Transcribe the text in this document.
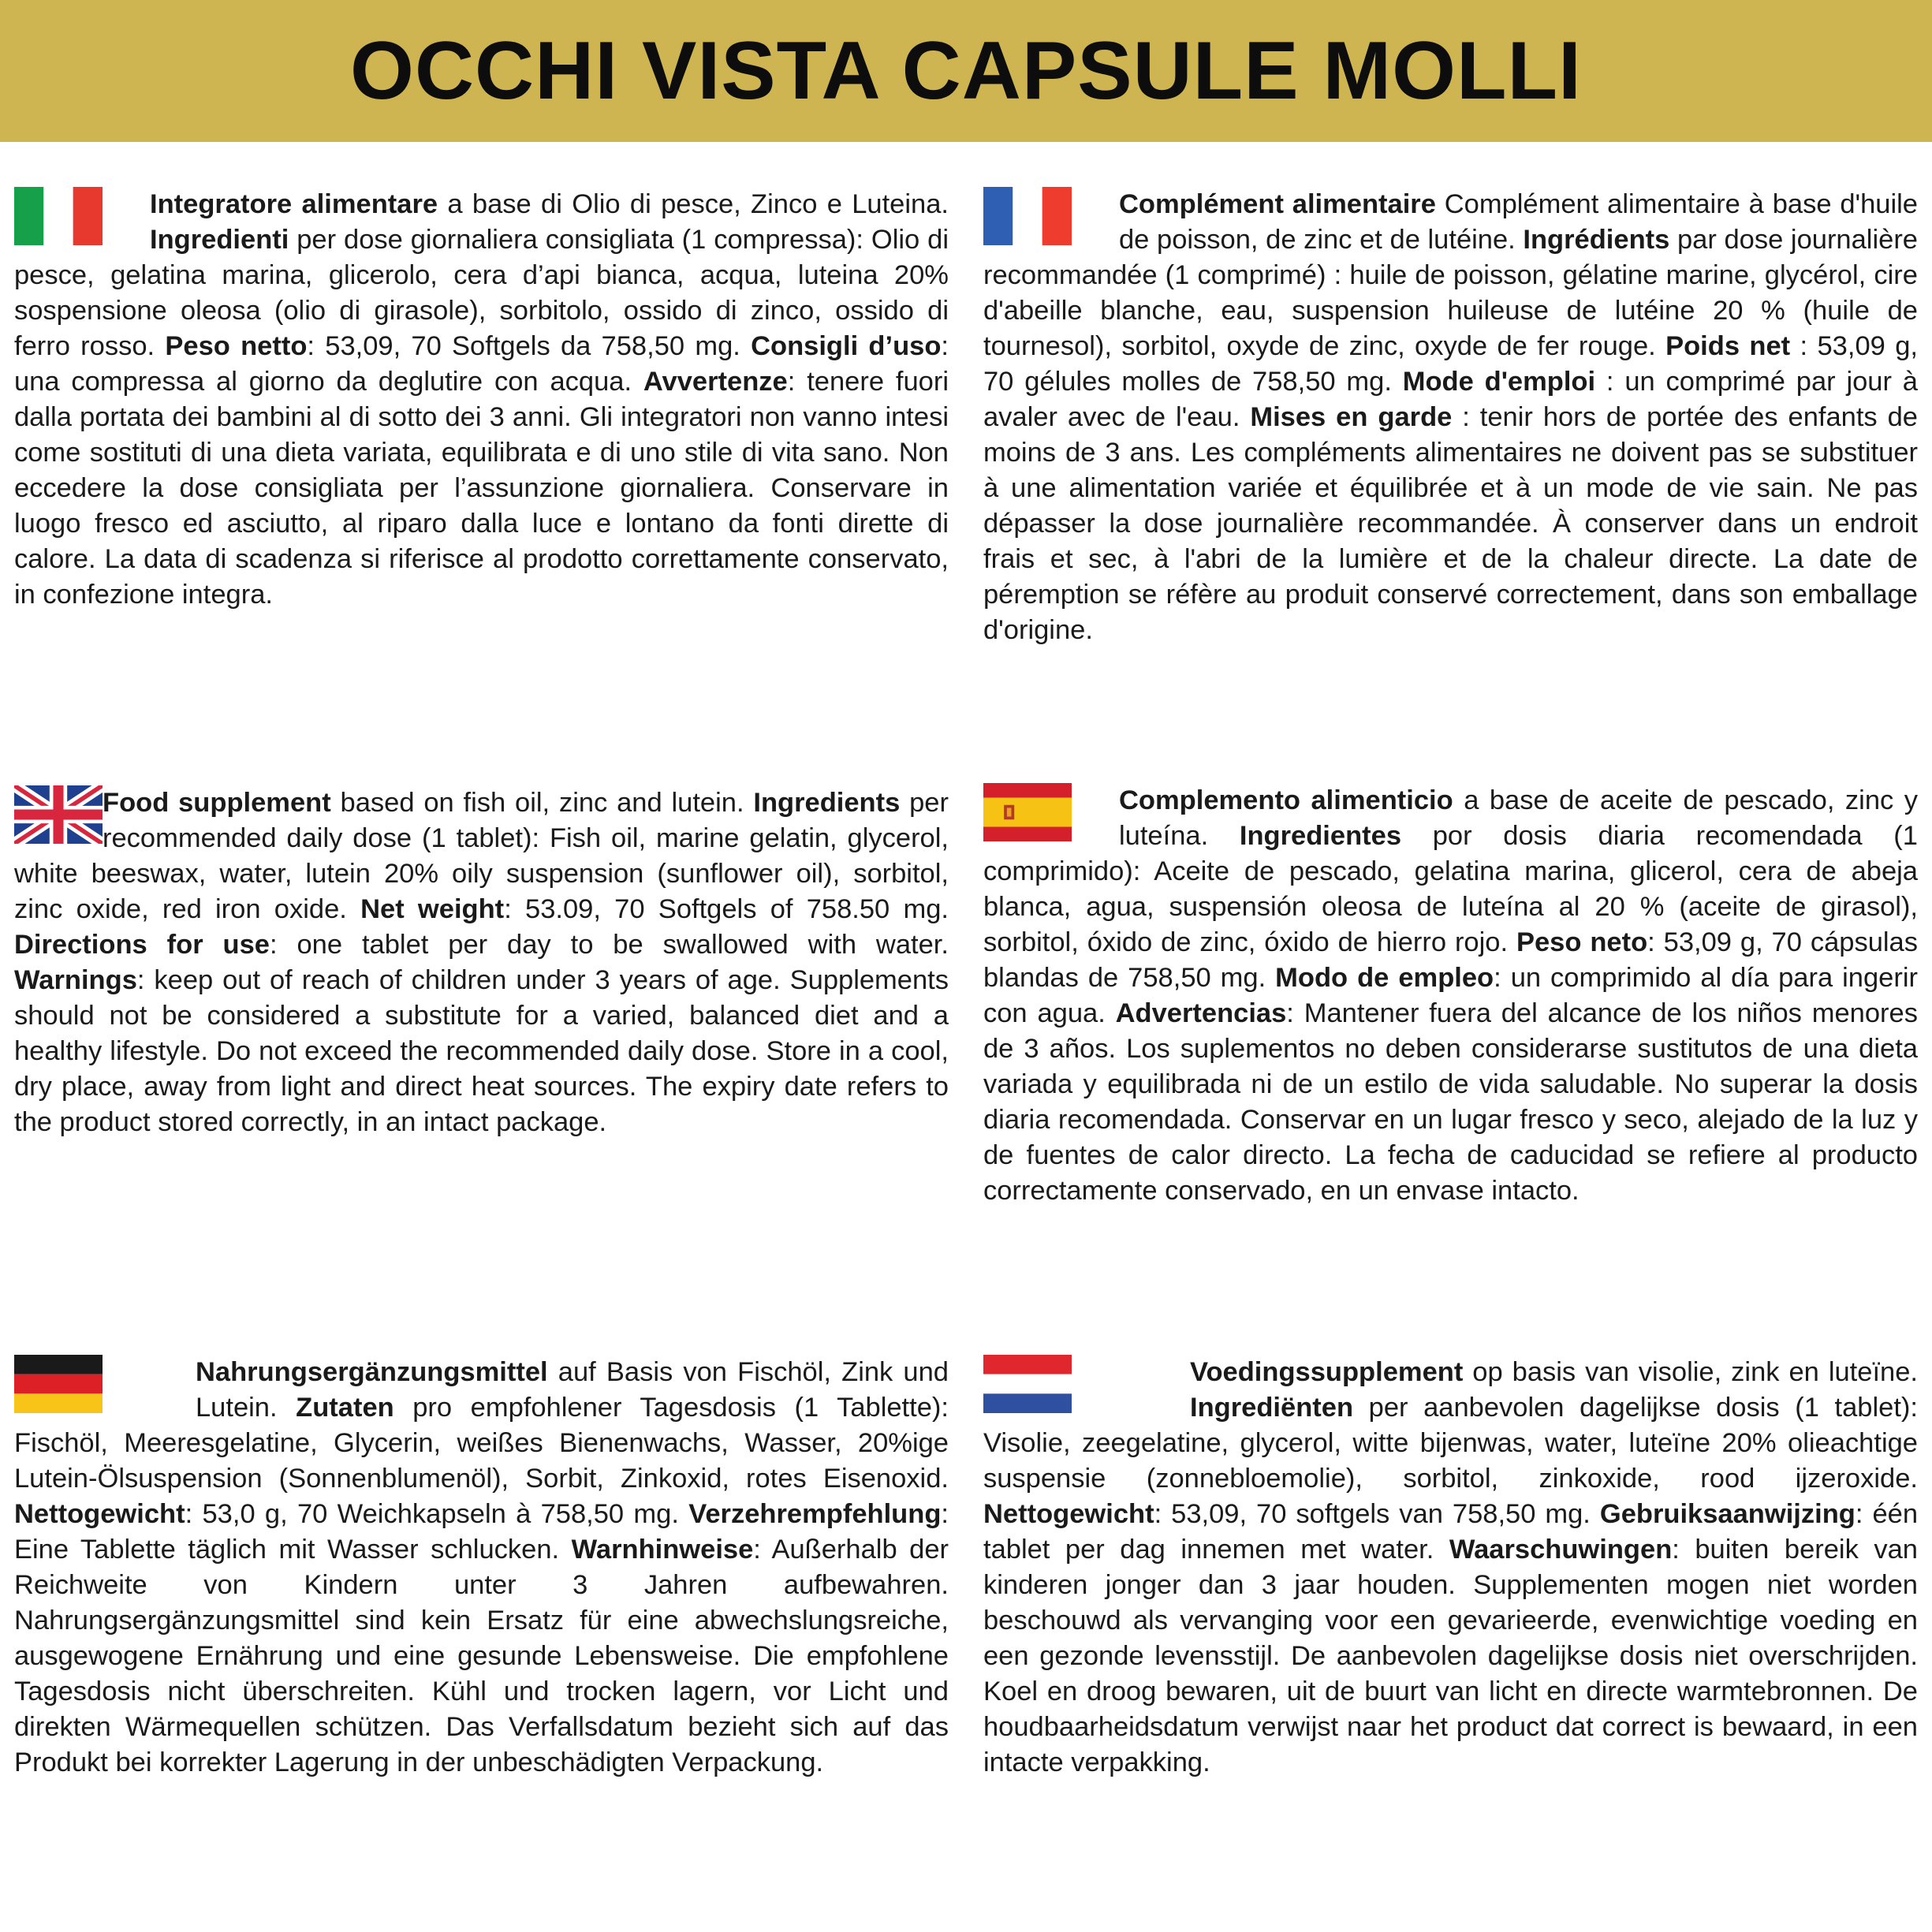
OCCHI VISTA CAPSULE MOLLI

Integratore alimentare a base di Olio di pesce, Zinco e Luteina. Ingredienti per dose giornaliera consigliata (1 compressa): Olio di pesce, gelatina marina, glicerolo, cera d’api bianca, acqua, luteina 20% sospensione oleosa (olio di girasole), sorbitolo, ossido di zinco, ossido di ferro rosso. Peso netto: 53,09, 70 Softgels da 758,50 mg. Consigli d’uso: una compressa al giorno da deglutire con acqua. Avvertenze: tenere fuori dalla portata dei bambini al di sotto dei 3 anni. Gli integratori non vanno intesi come sostituti di una dieta variata, equilibrata e di uno stile di vita sano. Non eccedere la dose consigliata per l’assunzione giornaliera. Conservare in luogo fresco ed asciutto, al riparo dalla luce e lontano da fonti dirette di calore. La data di scadenza si riferisce al prodotto correttamente conservato, in confezione integra.

Complément alimentaire Complément alimentaire à base d'huile de poisson, de zinc et de lutéine. Ingrédients par dose journalière recommandée (1 comprimé) : huile de poisson, gélatine marine, glycérol, cire d'abeille blanche, eau, suspension huileuse de lutéine 20 % (huile de tournesol), sorbitol, oxyde de zinc, oxyde de fer rouge. Poids net : 53,09 g, 70 gélules molles de 758,50 mg. Mode d'emploi : un comprimé par jour à avaler avec de l'eau. Mises en garde : tenir hors de portée des enfants de moins de 3 ans. Les compléments alimentaires ne doivent pas se substituer à une alimentation variée et équilibrée et à un mode de vie sain. Ne pas dépasser la dose journalière recommandée. À conserver dans un endroit frais et sec, à l'abri de la lumière et de la chaleur directe. La date de péremption se réfère au produit conservé correctement, dans son emballage d'origine.

Food supplement based on fish oil, zinc and lutein. Ingredients per recommended daily dose (1 tablet): Fish oil, marine gelatin, glycerol, white beeswax, water, lutein 20% oily suspension (sunflower oil), sorbitol, zinc oxide, red iron oxide. Net weight: 53.09, 70 Softgels of 758.50 mg. Directions for use: one tablet per day to be swallowed with water. Warnings: keep out of reach of children under 3 years of age. Supplements should not be considered a substitute for a varied, balanced diet and a healthy lifestyle. Do not exceed the recommended daily dose. Store in a cool, dry place, away from light and direct heat sources. The expiry date refers to the product stored correctly, in an intact package.

Complemento alimenticio a base de aceite de pescado, zinc y luteína. Ingredientes por dosis diaria recomendada (1 comprimido): Aceite de pescado, gelatina marina, glicerol, cera de abeja blanca, agua, suspensión oleosa de luteína al 20 % (aceite de girasol), sorbitol, óxido de zinc, óxido de hierro rojo. Peso neto: 53,09 g, 70 cápsulas blandas de 758,50 mg. Modo de empleo: un comprimido al día para ingerir con agua. Advertencias: Mantener fuera del alcance de los niños menores de 3 años. Los suplementos no deben considerarse sustitutos de una dieta variada y equilibrada ni de un estilo de vida saludable. No superar la dosis diaria recomendada. Conservar en un lugar fresco y seco, alejado de la luz y de fuentes de calor directo. La fecha de caducidad se refiere al producto correctamente conservado, en un envase intacto.

Nahrungsergänzungsmittel auf Basis von Fischöl, Zink und Lutein. Zutaten pro empfohlener Tagesdosis (1 Tablette): Fischöl, Meeresgelatine, Glycerin, weißes Bienenwachs, Wasser, 20%ige Lutein-Ölsuspension (Sonnenblumenöl), Sorbit, Zinkoxid, rotes Eisenoxid. Nettogewicht: 53,0 g, 70 Weichkapseln à 758,50 mg. Verzehrempfehlung: Eine Tablette täglich mit Wasser schlucken. Warnhinweise: Außerhalb der Reichweite von Kindern unter 3 Jahren aufbewahren. Nahrungsergänzungsmittel sind kein Ersatz für eine abwechslungsreiche, ausgewogene Ernährung und eine gesunde Lebensweise. Die empfohlene Tagesdosis nicht überschreiten. Kühl und trocken lagern, vor Licht und direkten Wärmequellen schützen. Das Verfallsdatum bezieht sich auf das Produkt bei korrekter Lagerung in der unbeschädigten Verpackung.

Voedingssupplement op basis van visolie, zink en luteïne. Ingrediënten per aanbevolen dagelijkse dosis (1 tablet): Visolie, zeegelatine, glycerol, witte bijenwas, water, luteïne 20% olieachtige suspensie (zonnebloemolie), sorbitol, zinkoxide, rood ijzeroxide. Nettogewicht: 53,09, 70 softgels van 758,50 mg. Gebruiksaanwijzing: één tablet per dag innemen met water. Waarschuwingen: buiten bereik van kinderen jonger dan 3 jaar houden. Supplementen mogen niet worden beschouwd als vervanging voor een gevarieerde, evenwichtige voeding en een gezonde levensstijl. De aanbevolen dagelijkse dosis niet overschrijden. Koel en droog bewaren, uit de buurt van licht en directe warmtebronnen. De houdbaarheidsdatum verwijst naar het product dat correct is bewaard, in een intacte verpakking.
